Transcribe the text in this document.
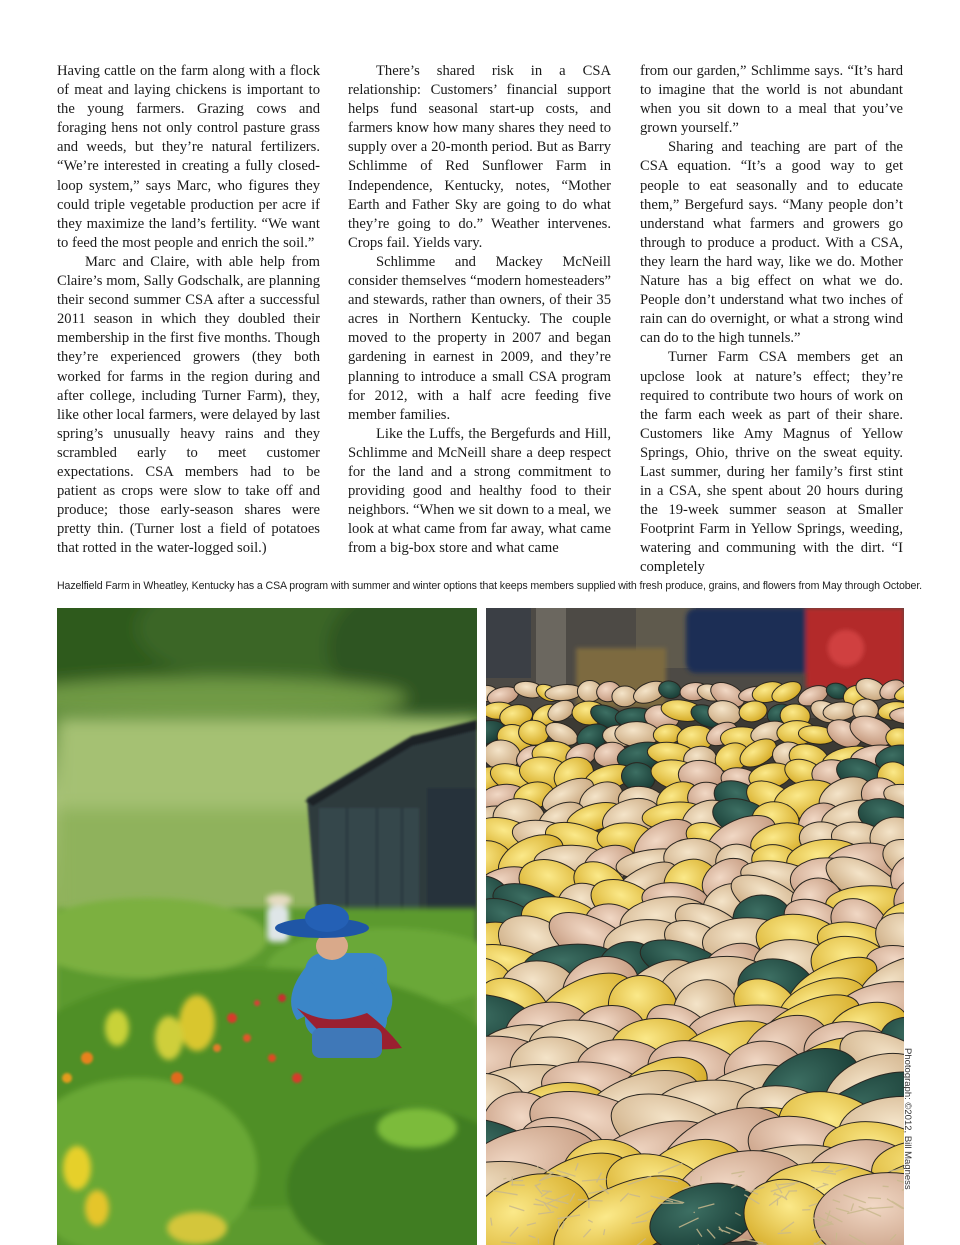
Having cattle on the farm along with a flock of meat and laying chickens is important to the young farmers. Grazing cows and foraging hens not only control pasture grass and weeds, but they’re natural fertilizers. “We’re interested in creating a fully closed-loop system,” says Marc, who figures they could triple vegetable production per acre if they maximize the land’s fertility. “We want to feed the most people and enrich the soil.”

Marc and Claire, with able help from Claire’s mom, Sally Godschalk, are planning their second summer CSA after a successful 2011 season in which they doubled their membership in the first five months. Though they’re experienced growers (they both worked for farms in the region during and after college, including Turner Farm), they, like other local farmers, were delayed by last spring’s unusually heavy rains and they scrambled early to meet customer expectations. CSA members had to be patient as crops were slow to take off and produce; those early-season shares were pretty thin. (Turner lost a field of potatoes that rotted in the water-logged soil.)

There’s shared risk in a CSA relationship: Customers’ financial support helps fund seasonal start-up costs, and farmers know how many shares they need to supply over a 20-month period. But as Barry Schlimme of Red Sunflower Farm in Independence, Kentucky, notes, “Mother Earth and Father Sky are going to do what they’re going to do.” Weather intervenes. Crops fail. Yields vary.

Schlimme and Mackey McNeill consider themselves “modern homesteaders” and stewards, rather than owners, of their 35 acres in Northern Kentucky. The couple moved to the property in 2007 and began gardening in earnest in 2009, and they’re planning to introduce a small CSA program for 2012, with a half acre feeding five member families.

Like the Luffs, the Bergefurds and Hill, Schlimme and McNeill share a deep respect for the land and a strong commitment to providing good and healthy food to their neighbors. “When we sit down to a meal, we look at what came from far away, what came from a big-box store and what came

from our garden,” Schlimme says. “It’s hard to imagine that the world is not abundant when you sit down to a meal that you’ve grown yourself.”

Sharing and teaching are part of the CSA equation. “It’s a good way to get people to eat seasonally and to educate them,” Bergefurd says. “Many people don’t understand what farmers and growers go through to produce a product. With a CSA, they learn the hard way, like we do. Mother Nature has a big effect on what we do. People don’t understand what two inches of rain can do overnight, or what a strong wind can do to the high tunnels.”

Turner Farm CSA members get an upclose look at nature’s effect; they’re required to contribute two hours of work on the farm each week as part of their share. Customers like Amy Magnus of Yellow Springs, Ohio, thrive on the sweat equity. Last summer, during her family’s first stint in a CSA, she spent about 20 hours during the 19-week summer season at Smaller Footprint Farm in Yellow Springs, weeding, watering and communing with the dirt. “I completely

Hazelfield Farm in Wheatley, Kentucky has a CSA program with summer and winter options that keeps members supplied with fresh produce, grains, and flowers from May through October.
Photograph: ©2012, Bill Magness
